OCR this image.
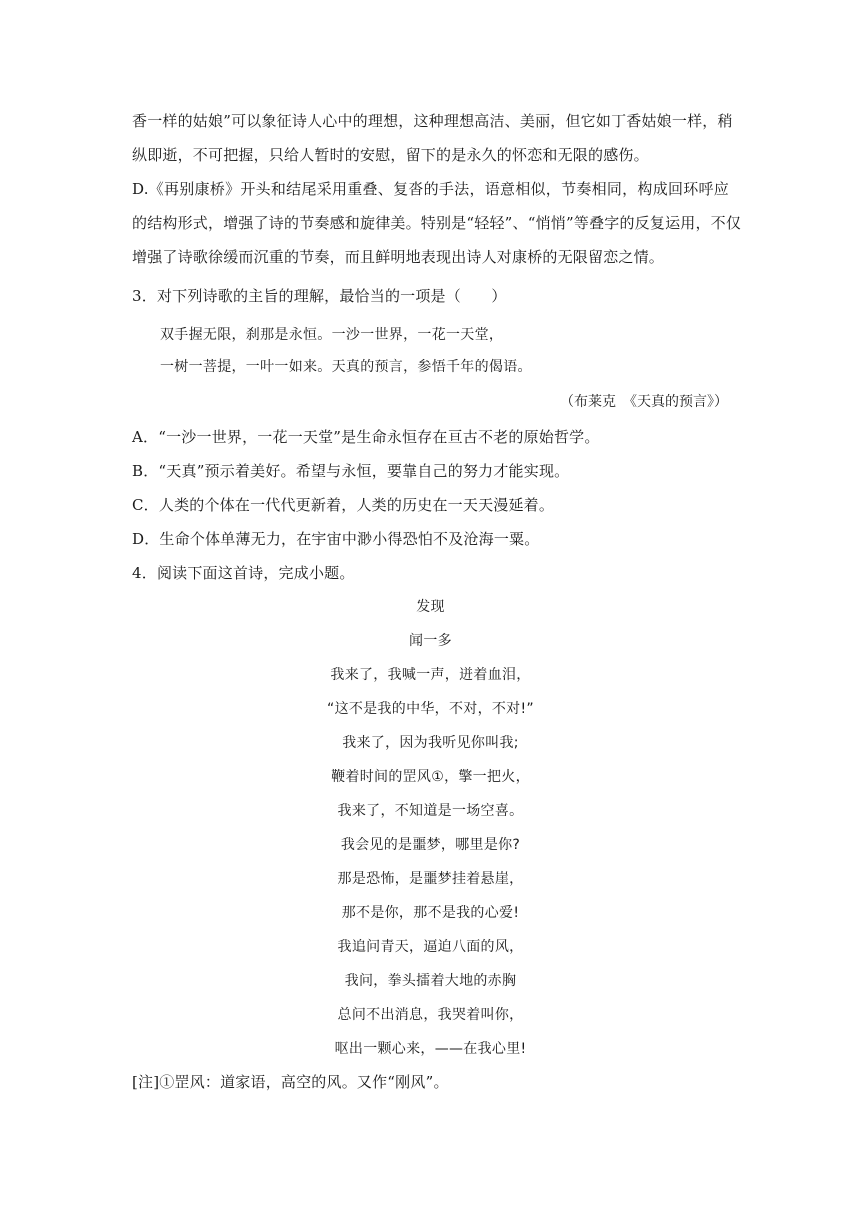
香一样的姑娘”可以象征诗人心中的理想，这种理想高洁、美丽，但它如丁香姑娘一样，稍
纵即逝，不可把握，只给人暂时的安慰，留下的是永久的怀恋和无限的感伤。
D.《再别康桥》开头和结尾采用重叠、复沓的手法，语意相似，节奏相同，构成回环呼应
的结构形式，增强了诗的节奏感和旋律美。特别是“轻轻”、“悄悄”等叠字的反复运用，不仅
增强了诗歌徐缓而沉重的节奏，而且鲜明地表现出诗人对康桥的无限留恋之情。
3．对下列诗歌的主旨的理解，最恰当的一项是（　　）
双手握无限，刹那是永恒。一沙一世界，一花一天堂，
一树一菩提，一叶一如来。天真的预言，参悟千年的偈语。
（布莱克　《天真的预言》）
A．“一沙一世界，一花一天堂”是生命永恒存在亘古不老的原始哲学。
B．“天真”预示着美好。希望与永恒，要靠自己的努力才能实现。
C．人类的个体在一代代更新着，人类的历史在一天天漫延着。
D．生命个体单薄无力，在宇宙中渺小得恐怕不及沧海一粟。
4．阅读下面这首诗，完成小题。
发现
闻一多
我来了，我喊一声，迸着血泪，
“这不是我的中华，不对，不对!”
我来了，因为我听见你叫我;
鞭着时间的罡风①，擎一把火，
我来了，不知道是一场空喜。
我会见的是噩梦，哪里是你?
那是恐怖，是噩梦挂着悬崖，
那不是你，那不是我的心爱!
我追问青天，逼迫八面的风，
我问，拳头擂着大地的赤胸
总问不出消息，我哭着叫你，
呕出一颗心来，——在我心里!
[注]①罡风：道家语，高空的风。又作“刚风”。
